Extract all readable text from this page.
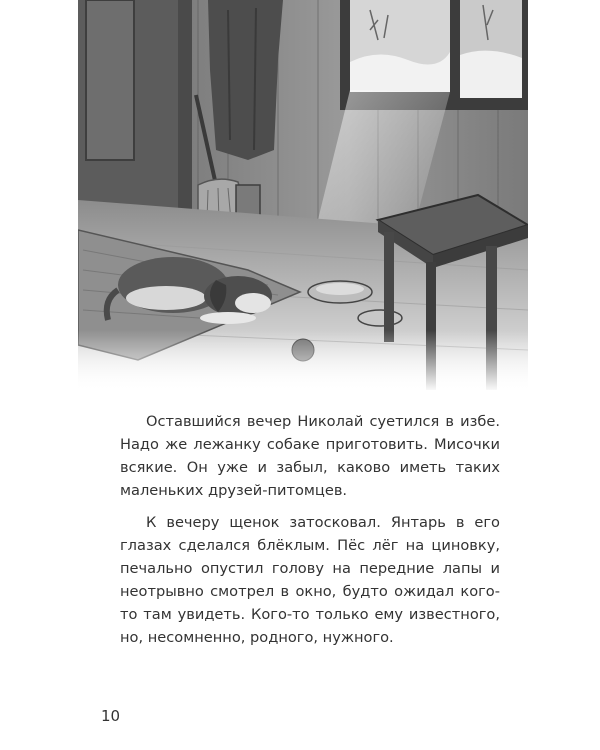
Оставшийся вечер Николай суетился в избе. Надо же лежанку собаке приготовить. Мисочки всякие. Он уже и забыл, каково иметь таких маленьких друзей-питомцев.

К вечеру щенок затосковал. Янтарь в его глазах сделался блёклым. Пёс лёг на циновку, печально опустил голову на передние лапы и неотрывно смотрел в окно, будто ожидал кого-то там увидеть. Кого-то только ему известного, но, несомненно, родного, нужного.

10
